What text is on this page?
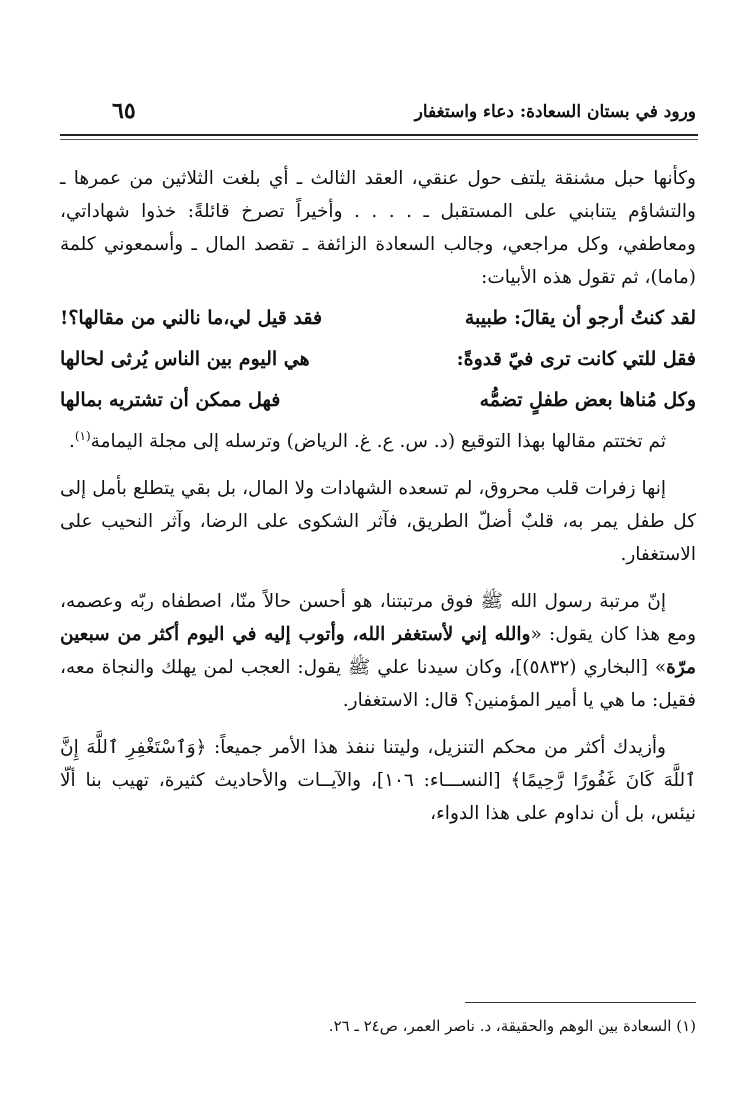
ورود في بستان السعادة: دعاء واستغفار
٦٥

وكأنها حبل مشنقة يلتف حول عنقي، العقد الثالث ـ أي بلغت الثلاثين من عمرها ـ والتشاؤم يتنابني على المستقبل ـ . . . . وأخيراً تصرخ قائلةً: خذوا شهاداتي، ومعاطفي، وكل مراجعي، وجالب السعادة الزائفة ـ تقصد المال ـ وأسمعوني كلمة (ماما)، ثم تقول هذه الأبيات:

لقد كنتُ أرجو أن يقالَ: طبيبة
فقد قيل لي،ما نالني من مقالها؟!
فقل للتي كانت ترى فيّ قدوةً:
هي اليوم بين الناس يُرثى لحالها
وكل مُناها بعض طفلٍ تضمُّه
فهل ممكن أن تشتريه بمالها

ثم تختتم مقالها بهذا التوقيع (د. س. ع. غ. الرياض) وترسله إلى مجلة اليمامة$^{(١)}$.

إنها زفرات قلب محروق، لم تسعده الشهادات ولا المال، بل بقي يتطلع بأمل إلى كل طفل يمر به، قلبٌ أضلّ الطريق، فآثر الشكوى على الرضا، وآثر النحيب على الاستغفار.

إنّ مرتبة رسول الله ﷺ فوق مرتبتنا، هو أحسن حالاً منّا، اصطفاه ربّه وعصمه، ومع هذا كان يقول: «والله إني لأستغفر الله، وأتوب إليه في اليوم أكثر من سبعين مرّة» [البخاري (٥٨٣٢)]، وكان سيدنا علي ﷺ يقول: العجب لمن يهلك والنجاة معه، فقيل: ما هي يا أمير المؤمنين؟ قال: الاستغفار.

وأزيدك أكثر من محكم التنزيل، وليتنا ننفذ هذا الأمر جميعاً: ﴿وَٱسْتَغْفِرِ ٱللَّهَ إِنَّ ٱللَّهَ كَانَ غَفُورًا رَّحِيمًا﴾ [النســـاء: ١٠٦]، والآيــات والأحاديث كثيرة، تهيب بنا ألّا نيئس، بل أن نداوم على هذا الدواء،

(١) السعادة بين الوهم والحقيقة، د. ناصر العمر، ص٢٤ ـ ٢٦.
